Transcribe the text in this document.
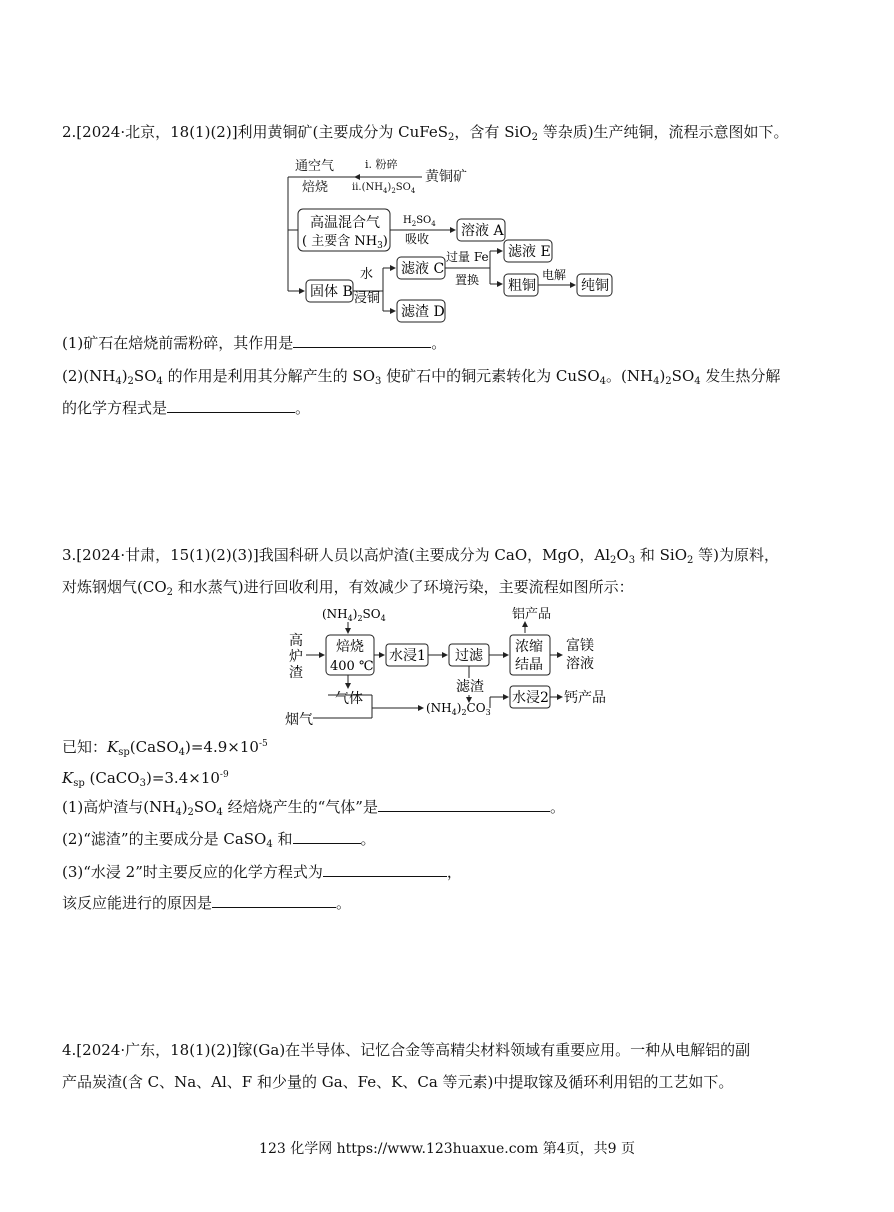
2.[2024·北京，18(1)(2)]利用黄铜矿(主要成分为 CuFeS$_2$，含有 SiO$_2$ 等杂质)生产纯铜，流程示意图如下。
通空气
焙烧
ⅰ. 粉碎
$ⅱ.(NH_4)_2SO_4$
黄铜矿
高温混合气
( 主要含 $NH_3$)
$H_2SO_4$
吸收 溶液 A
固体 B
水
浸铜
滤液 C
滤渣 D
过量 Fe
置换
滤液 E
粗铜
电解
纯铜
(1)矿石在焙烧前需粉碎，其作用是	。
$(2)(NH_4)_2SO_4$ 的作用是利用其分解产生的 $SO_3$ 使矿石中的铜元素转化为 CuSO$_4$。$(NH_4)_2SO_4$ 发生热分解
的化学方程式是	。
3.[2024·甘肃，15(1)(2)(3)]我国科研人员以高炉渣(主要成分为 CaO，MgO，$Al_2O_3$ 和 SiO$_2$ 等)为原料，
对炼钢烟气($CO_2$ 和水蒸气)进行回收利用，有效减少了环境污染，主要流程如图所示：
$(NH_4)_2SO_4$	铝产品
高
炉
渣
焙烧
400 ℃
水浸1 过滤
浓缩
结晶
富镁
溶液
气体
烟气
$(NH_4)_2CO_3$
滤渣
水浸2 钙产品
已知：$K_{sp}(CaSO_4)=4.9\times 10^{-5}$
$K_{sp}$ $(CaCO_3)=3.4\times 10^{-9}$
(1)高炉渣与$(NH_4)_2SO_4$ 经焙烧产生的“气体”是	。
(2)“滤渣”的主要成分是 CaSO$_4$ 和	。
(3)“水浸 2”时主要反应的化学方程式为	，
该反应能进行的原因是	。
4.[2024·广东，18(1)(2)]镓(Ga)在半导体、记忆合金等高精尖材料领域有重要应用。一种从电解铝的副
产品炭渣(含 C、Na、Al、F 和少量的 Ga、Fe、K、Ca 等元素)中提取镓及循环利用铝的工艺如下。
123 化学网 https://www.123huaxue.com 第4页，共9 页
